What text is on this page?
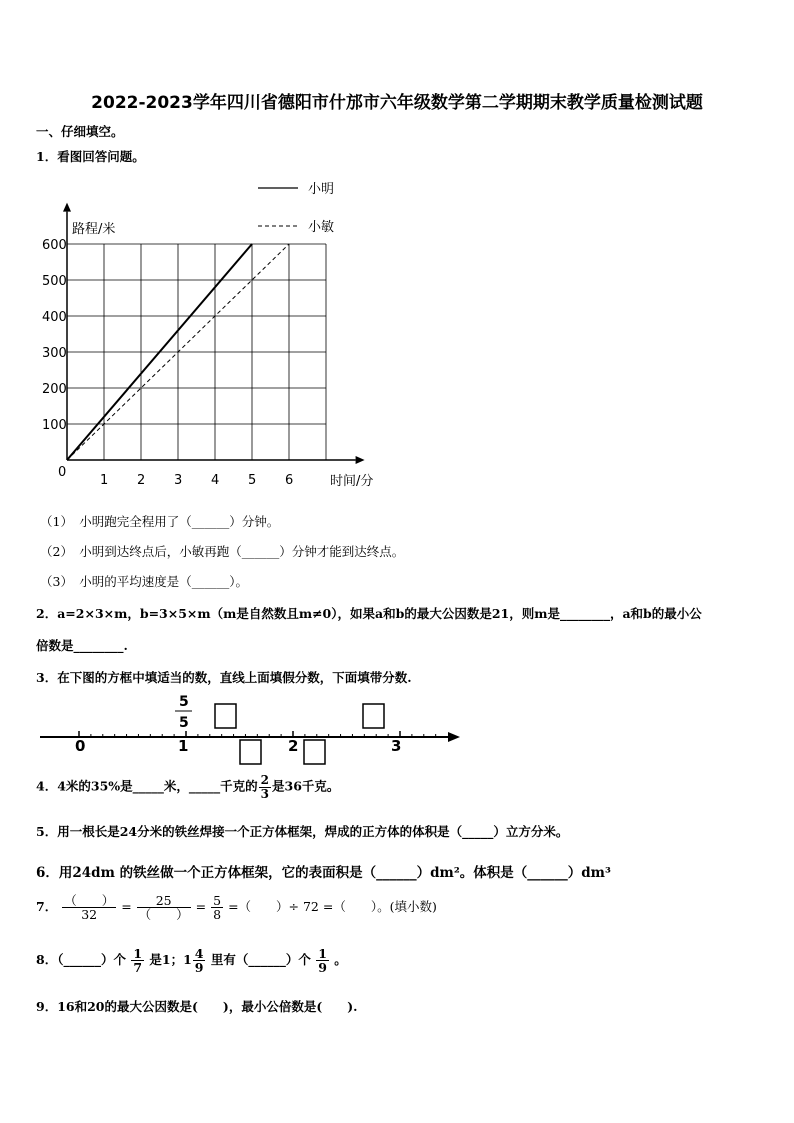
2022-2023学年四川省德阳市什邡市六年级数学第二学期期末教学质量检测试题
一、仔细填空。
1．看图回答问题。
1 2 3 4 5 6
100
200
300
400
500
600
0
小明
小敏
路程/米
时间/分
（1）　小明跑完全程用了（______）分钟。
（2）　小明到达终点后，小敏再跑（______）分钟才能到达终点。
（3）　小明的平均速度是（______）。
2．a=2×3×m，b=3×5×m（m是自然数且m≠0），如果a和b的最大公因数是21，则m是________，a和b的最小公
倍数是________.
3．在下图的方框中填适当的数，直线上面填假分数，下面填带分数.
0	1	2	3
5
5
4．4米的35%是_____米，_____千克的 $\frac{2}{3}$ 是36千克。
5．用一根长是24分米的铁丝焊接一个正方体框架，焊成的正方体的体积是（_____）立方分米。
6．用24dm 的铁丝做一个正方体框架，它的表面积是（______）dm²。体积是（______）dm³
7． $\frac{( )}{32} = \frac{25}{( )} = \frac{5}{8}$ =（　　）÷ 72 =（　　）。(填小数)
8．（______）个 $\frac{1}{7}$ 是1；$1 \frac{4}{9}$ 里有（______）个 $\frac{1}{9}$ 。
9．16和20的最大公因数是(　　)，最小公倍数是(　　).
